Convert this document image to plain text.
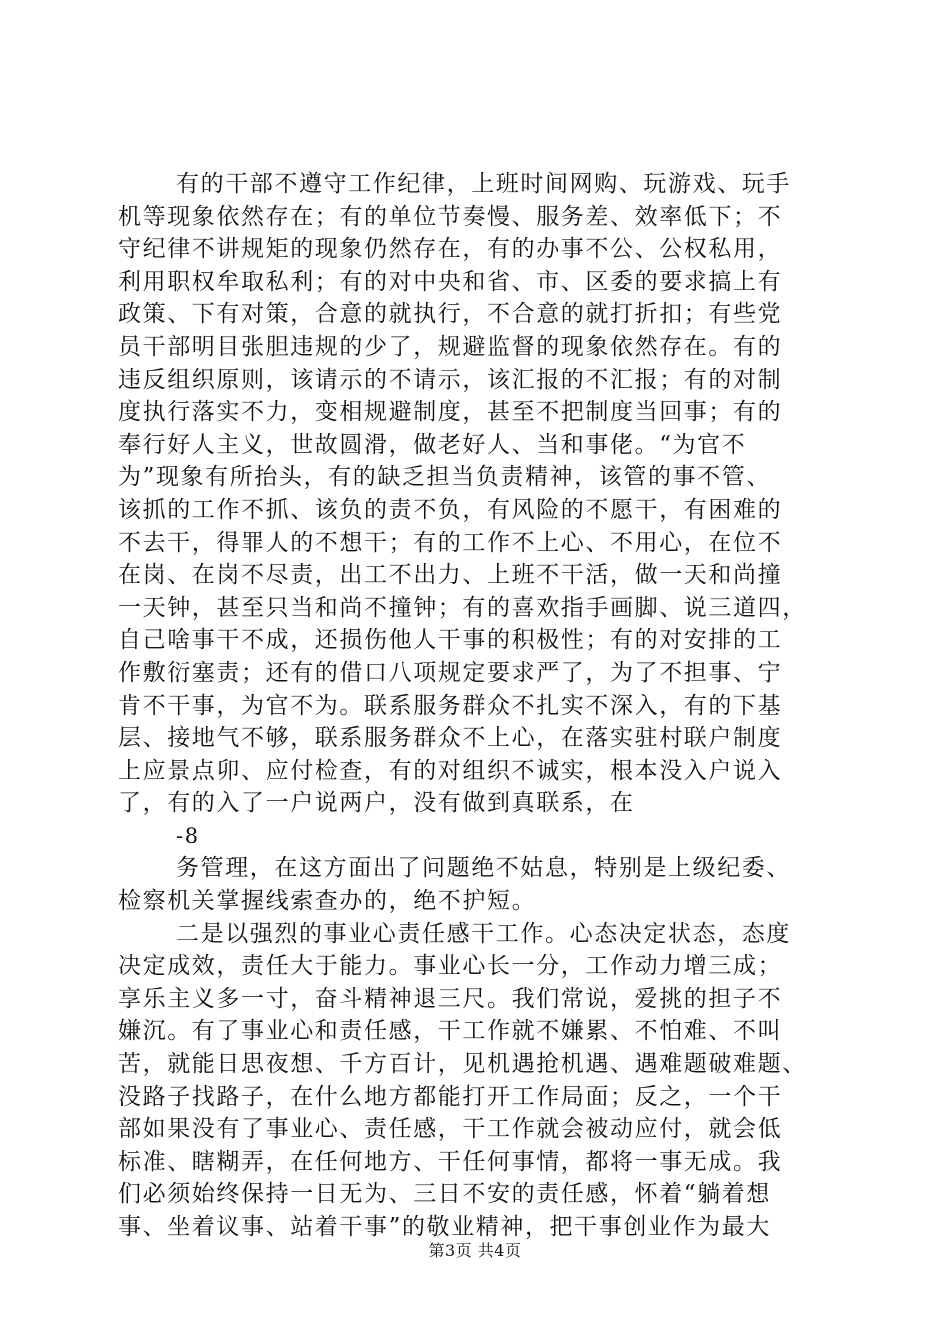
有的干部不遵守工作纪律，上班时间网购、玩游戏、玩手
机等现象依然存在；有的单位节奏慢、服务差、效率低下；不
守纪律不讲规矩的现象仍然存在，有的办事不公、公权私用，
利用职权牟取私利；有的对中央和省、市、区委的要求搞上有
政策、下有对策，合意的就执行，不合意的就打折扣；有些党
员干部明目张胆违规的少了，规避监督的现象依然存在。有的
违反组织原则，该请示的不请示，该汇报的不汇报；有的对制
度执行落实不力，变相规避制度，甚至不把制度当回事；有的
奉行好人主义，世故圆滑，做老好人、当和事佬。“为官不
为”现象有所抬头，有的缺乏担当负责精神，该管的事不管、
该抓的工作不抓、该负的责不负，有风险的不愿干，有困难的
不去干，得罪人的不想干；有的工作不上心、不用心，在位不
在岗、在岗不尽责，出工不出力、上班不干活，做一天和尚撞
一天钟，甚至只当和尚不撞钟；有的喜欢指手画脚、说三道四，
自己啥事干不成，还损伤他人干事的积极性；有的对安排的工
作敷衍塞责；还有的借口八项规定要求严了，为了不担事、宁
肯不干事，为官不为。联系服务群众不扎实不深入，有的下基
层、接地气不够，联系服务群众不上心，在落实驻村联户制度
上应景点卯、应付检查，有的对组织不诚实，根本没入户说入
了，有的入了一户说两户，没有做到真联系，在
-8
务管理，在这方面出了问题绝不姑息，特别是上级纪委、
检察机关掌握线索查办的，绝不护短。
二是以强烈的事业心责任感干工作。心态决定状态，态度
决定成效，责任大于能力。事业心长一分，工作动力增三成；
享乐主义多一寸，奋斗精神退三尺。我们常说，爱挑的担子不
嫌沉。有了事业心和责任感，干工作就不嫌累、不怕难、不叫
苦，就能日思夜想、千方百计，见机遇抢机遇、遇难题破难题、
没路子找路子，在什么地方都能打开工作局面；反之，一个干
部如果没有了事业心、责任感，干工作就会被动应付，就会低
标准、瞎糊弄，在任何地方、干任何事情，都将一事无成。我
们必须始终保持一日无为、三日不安的责任感，怀着“躺着想
事、坐着议事、站着干事”的敬业精神，把干事创业作为最大
第3页 共4页
